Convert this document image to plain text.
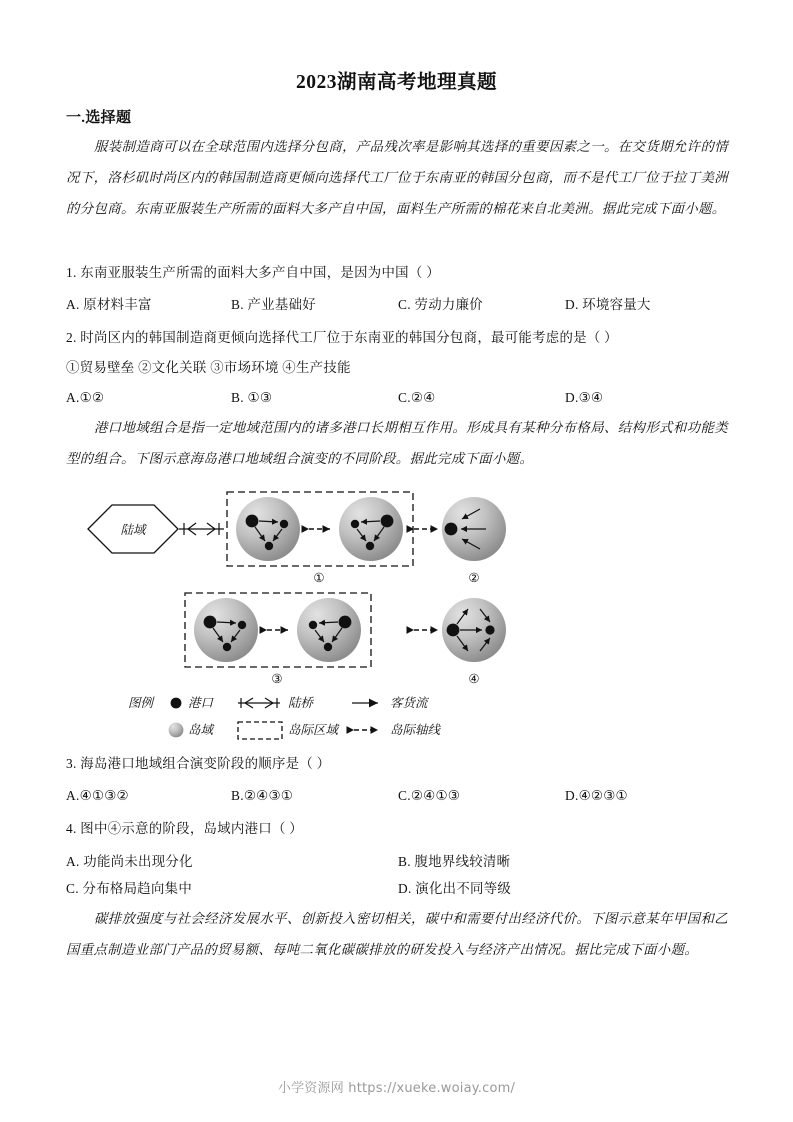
2023湖南高考地理真题
一.选择题
服装制造商可以在全球范围内选择分包商，产品残次率是影响其选择的重要因素之一。在交货期允许的情况下，洛杉矶时尚区内的韩国制造商更倾向选择代工厂位于东南亚的韩国分包商，而不是代工厂位于拉丁美洲的分包商。东南亚服装生产所需的面料大多产自中国，面料生产所需的棉花来自北美洲。据此完成下面小题。
1. 东南亚服装生产所需的面料大多产自中国，是因为中国（ ）
A. 原材料丰富	B. 产业基础好	C. 劳动力廉价	D. 环境容量大
2. 时尚区内的韩国制造商更倾向选择代工厂位于东南亚的韩国分包商，最可能考虑的是（ ）
①贸易壁垒 ②文化关联 ③市场环境 ④生产技能
A.①②	B. ①③	C.②④	D.③④
港口地域组合是指一定地域范围内的诸多港口长期相互作用。形成具有某种分布格局、结构形式和功能类型的组合。下图示意海岛港口地域组合演变的不同阶段。据此完成下面小题。
陆域
①	②
③	④
图例	港口	陆桥	客货流
岛域	岛际区域	岛际轴线
3. 海岛港口地域组合演变阶段的顺序是（ ）
A.④①③②	B.②④③①	C.②④①③	D.④②③①
4. 图中④示意的阶段，岛域内港口（ ）
A. 功能尚未出现分化	B. 腹地界线较清晰
C. 分布格局趋向集中	D. 演化出不同等级
碳排放强度与社会经济发展水平、创新投入密切相关，碳中和需要付出经济代价。下图示意某年甲国和乙国重点制造业部门产品的贸易额、每吨二氧化碳碳排放的研发投入与经济产出情况。据比完成下面小题。
小学资源网 https://xueke.woiay.com/
